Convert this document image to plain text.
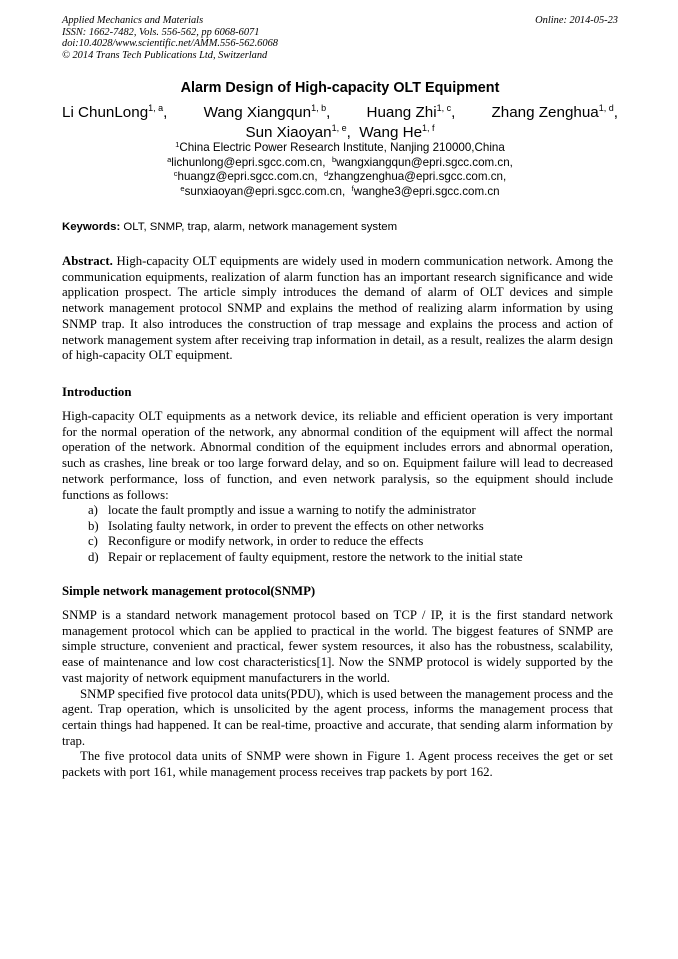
Applied Mechanics and Materials
ISSN: 1662-7482, Vols. 556-562, pp 6068-6071
doi:10.4028/www.scientific.net/AMM.556-562.6068
© 2014 Trans Tech Publications Ltd, Switzerland
Online: 2014-05-23
Alarm Design of High-capacity OLT Equipment
Li ChunLong$^{1, a}$, Wang Xiangqun$^{1, b}$, Huang Zhi$^{1, c}$, Zhang Zenghua$^{1, d}$,
Sun Xiaoyan$^{1, e}$, Wang He$^{1, f}$
$^1$China Electric Power Research Institute, Nanjing 210000,China
$^a$lichunlong@epri.sgcc.com.cn, $^b$wangxiangqun@epri.sgcc.com.cn,
$^c$huangz@epri.sgcc.com.cn, $^d$zhangzenghua@epri.sgcc.com.cn,
$^e$sunxiaoyan@epri.sgcc.com.cn, $^f$wanghe3@epri.sgcc.com.cn
Keywords: OLT, SNMP, trap, alarm, network management system
Abstract. High-capacity OLT equipments are widely used in modern communication network. Among the communication equipments, realization of alarm function has an important research significance and wide application prospect. The article simply introduces the demand of alarm of OLT devices and simple network management protocol SNMP and explains the method of realizing alarm information by using SNMP trap. It also introduces the construction of trap message and explains the process and action of network management system after receiving trap information in detail, as a result, realizes the alarm design of high-capacity OLT equipment.
Introduction
High-capacity OLT equipments as a network device, its reliable and efficient operation is very important for the normal operation of the network, any abnormal condition of the equipment will affect the normal operation of the network. Abnormal condition of the equipment includes errors and abnormal operation, such as crashes, line break or too large forward delay, and so on. Equipment failure will lead to decreased network performance, loss of function, and even network paralysis, so the equipment should include functions as follows:
a) locate the fault promptly and issue a warning to notify the administrator
b) Isolating faulty network, in order to prevent the effects on other networks
c) Reconfigure or modify network, in order to reduce the effects
d) Repair or replacement of faulty equipment, restore the network to the initial state
Simple network management protocol(SNMP)
SNMP is a standard network management protocol based on TCP / IP, it is the first standard network management protocol which can be applied to practical in the world. The biggest features of SNMP are simple structure, convenient and practical, fewer system resources, it also has the robustness, scalability, ease of maintenance and low cost characteristics[1]. Now the SNMP protocol is widely supported by the vast majority of network equipment manufacturers in the world.
SNMP specified five protocol data units(PDU), which is used between the management process and the agent. Trap operation, which is unsolicited by the agent process, informs the management process that certain things had happened. It can be real-time, proactive and accurate, that sending alarm information by trap.
The five protocol data units of SNMP were shown in Figure 1. Agent process receives the get or set packets with port 161, while management process receives trap packets by port 162.
